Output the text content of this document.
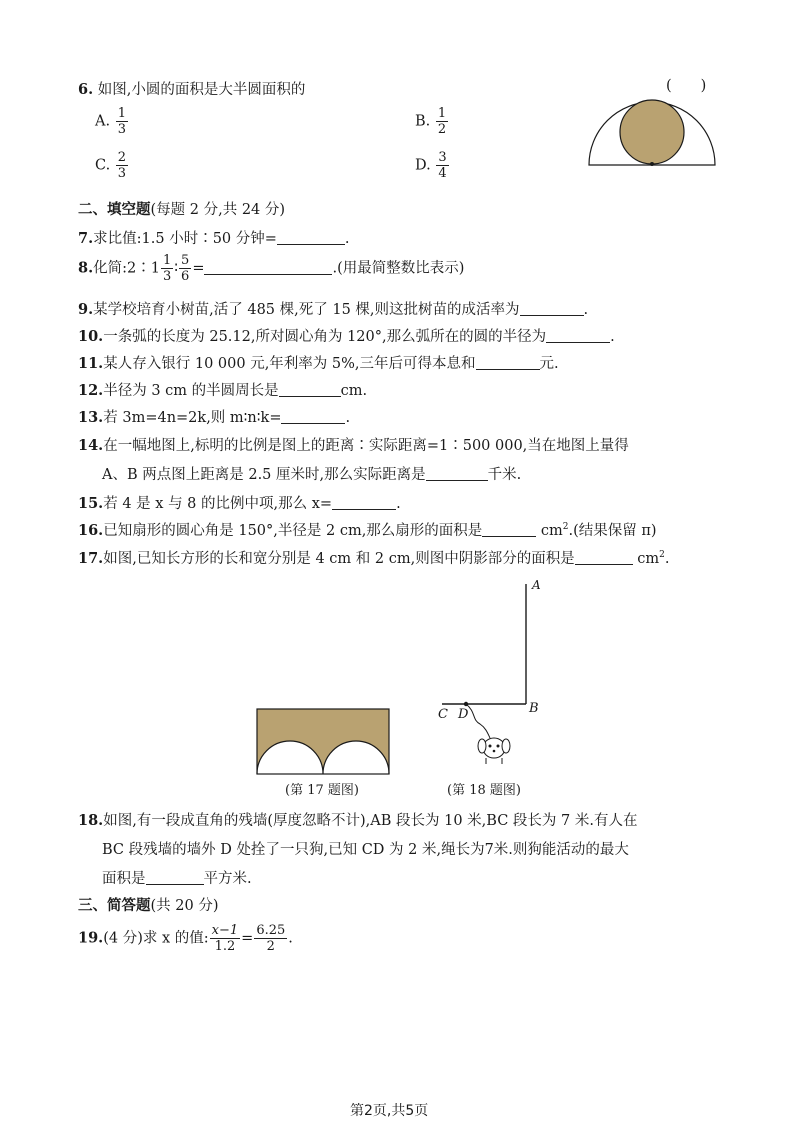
6. 如图,小圆的面积是大半圆面积的	(　　)
A. $\frac{1}{3}$	B. $\frac{1}{2}$
C. $\frac{2}{3}$	D. $\frac{3}{4}$
二、填空题(每题 2 分,共 24 分)
7.求比值:1.5 小时∶50 分钟=	.
8.化简:2∶1 $\frac{1}{3}$ ∶ $\frac{5}{6}$ =	.(用最简整数比表示)
9.某学校培育小树苗,活了 485 棵,死了 15 棵,则这批树苗的成活率为	.
10.一条弧的长度为 25.12,所对圆心角为 120°,那么弧所在的圆的半径为	.
11.某人存入银行 10 000 元,年利率为 5%,三年后可得本息和	元.
12.半径为 3 cm 的半圆周长是	cm.
13.若 3m=4n=2k,则 m∶n∶k=	.
14.在一幅地图上,标明的比例是图上的距离∶实际距离=1∶500 000,当在地图上量得
A、B 两点图上距离是 2.5 厘米时,那么实际距离是	千米.
15.若 4 是 x 与 8 的比例中项,那么 x=	.
16.已知扇形的圆心角是 150°,半径是 2 cm,那么扇形的面积是	$cm^2$.(结果保留 π)
17.如图,已知长方形的长和宽分别是 4 cm 和 2 cm,则图中阴影部分的面积是	$cm^2$.
(第 17 题图)
A
B
C D
(第 18 题图)
18.如图,有一段成直角的残墙(厚度忽略不计),AB 段长为 10 米,BC 段长为 7 米.有人在
BC 段残墙的墙外 D 处拴了一只狗,已知 CD 为 2 米,绳长为7米.则狗能活动的最大
面积是	平方米.
三、简答题(共 20 分)
19.(4 分)求 x 的值: $\frac{x-1}{1.2} = \frac{6.25}{2}$ .
第2页,共5页
